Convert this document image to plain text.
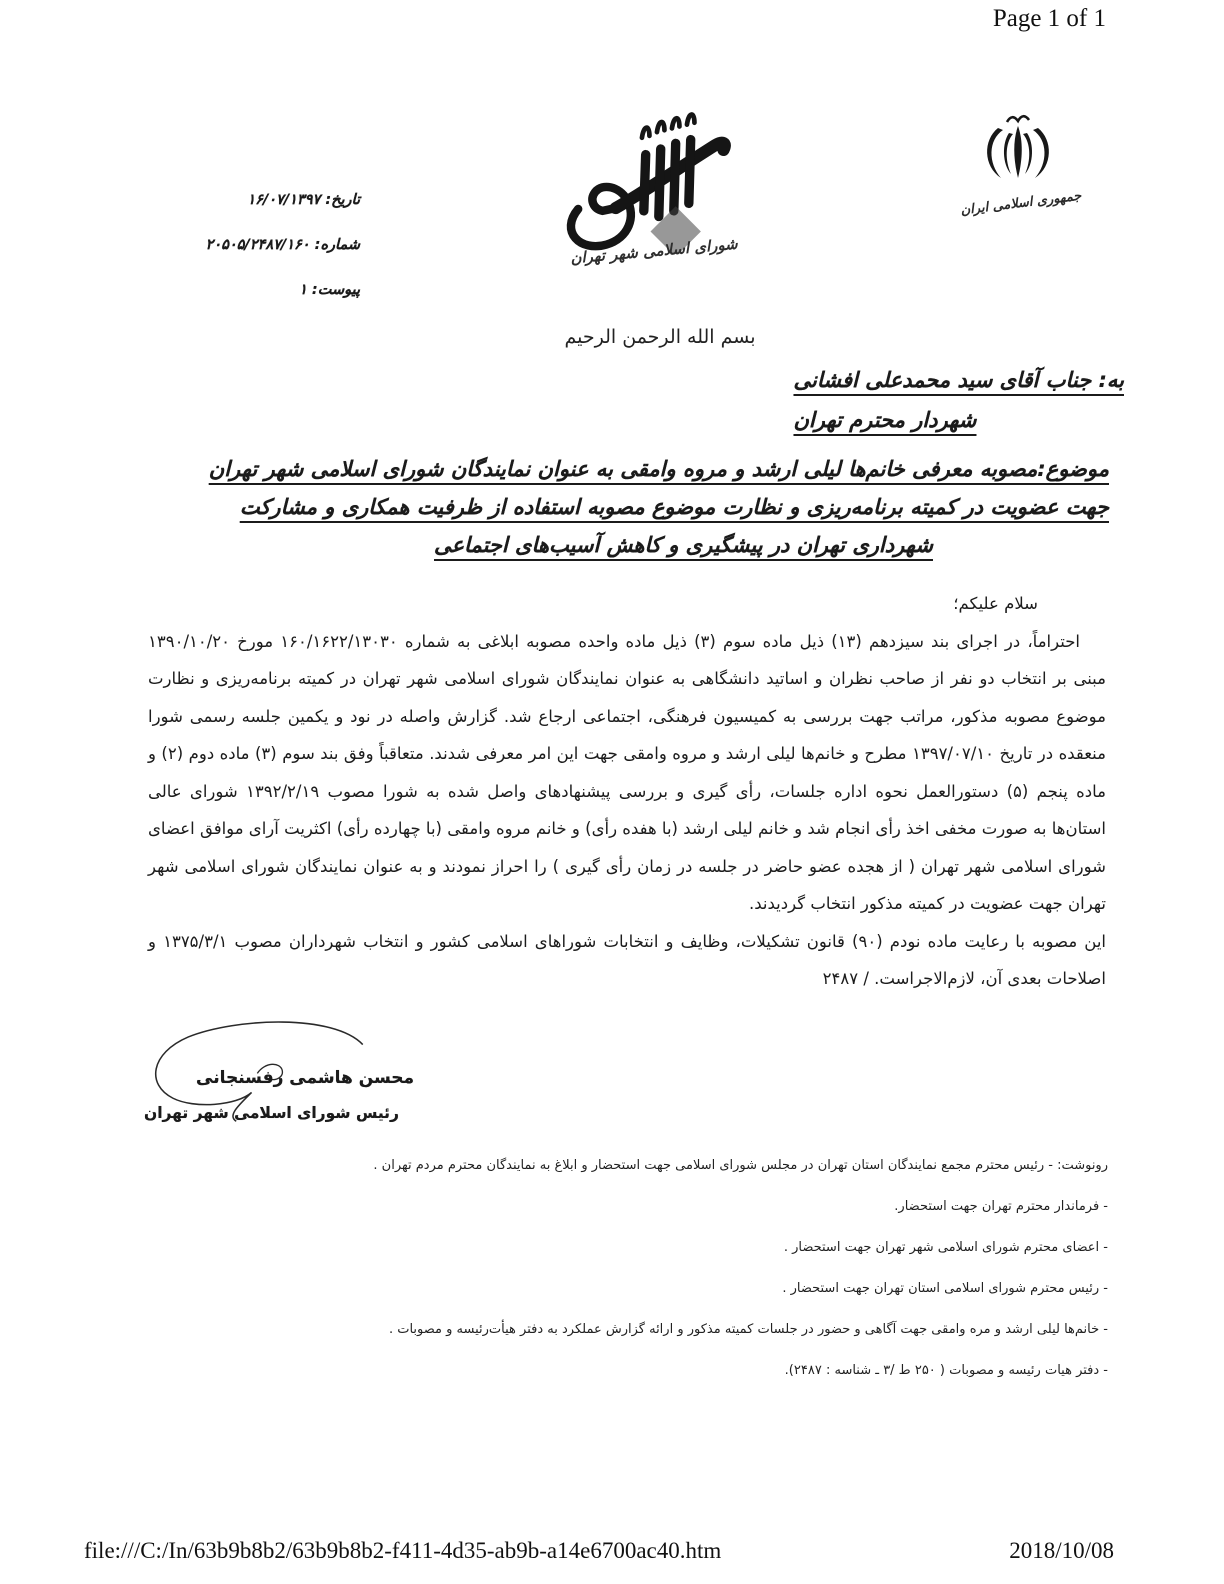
Page 1 of 1
تاریخ: ۱۶/۰۷/۱۳۹۷
شماره: ۲۰۵۰۵/۲۴۸۷/۱۶۰
پیوست: ۱
شورای اسلامی شهر تهران
جمهوری اسلامی ایران
بسم الله الرحمن الرحیم
به: جناب آقای سید محمدعلی افشانی
شهردار محترم تهران
موضوع:مصوبه معرفی خانم‌ها لیلی ارشد و مروه وامقی به عنوان نمایندگان شورای اسلامی شهر تهران
جهت عضویت در کمیته برنامه‌ریزی و نظارت موضوع مصوبه استفاده از ظرفیت همکاری و مشارکت
شهرداری تهران در پیشگیری و کاهش آسیب‌های اجتماعی
سلام علیکم؛

احتراماً، در اجرای بند سیزدهم (۱۳) ذیل ماده سوم (۳) ذیل ماده واحده مصوبه ابلاغی به شماره ۱۶۰/۱۶۲۲/۱۳۰۳۰ مورخ ۱۳۹۰/۱۰/۲۰ مبنی بر انتخاب دو نفر از صاحب نظران و اساتید دانشگاهی به عنوان نمایندگان شورای اسلامی شهر تهران در کمیته برنامه‌ریزی و نظارت موضوع مصوبه مذکور، مراتب جهت بررسی به کمیسیون فرهنگی، اجتماعی ارجاع شد. گزارش واصله در نود و یکمین جلسه رسمی شورا منعقده در تاریخ ۱۳۹۷/۰۷/۱۰ مطرح و خانم‌ها لیلی ارشد و مروه وامقی جهت این امر معرفی شدند. متعاقباً وفق بند سوم (۳) ماده دوم (۲) و ماده پنجم (۵) دستورالعمل نحوه اداره جلسات، رأی گیری و بررسی پیشنهادهای واصل شده به شورا مصوب ۱۳۹۲/۲/۱۹ شورای عالی استان‌ها به صورت مخفی اخذ رأی انجام شد و خانم لیلی ارشد (با هفده رأی) و خانم مروه وامقی (با چهارده رأی) اکثریت آرای موافق اعضای شورای اسلامی شهر تهران ( از هجده عضو حاضر در جلسه در زمان رأی گیری ) را احراز نمودند و به عنوان نمایندگان شورای اسلامی شهر تهران جهت عضویت در کمیته مذکور انتخاب گردیدند.

این مصوبه با رعایت ماده نودم (۹۰) قانون تشکیلات، وظایف و انتخابات شوراهای اسلامی کشور و انتخاب شهرداران مصوب ۱۳۷۵/۳/۱ و اصلاحات بعدی آن، لازم‌الاجراست. / ۲۴۸۷

محسن هاشمی رفسنجانی
رئیس شورای اسلامی شهر تهران
رونوشت: - رئیس محترم مجمع نمایندگان استان تهران در مجلس شورای اسلامی جهت استحضار و ابلاغ به نمایندگان محترم مردم تهران .
- فرماندار محترم تهران جهت استحضار.
- اعضای محترم شورای اسلامی شهر تهران جهت استحضار .
- رئیس محترم شورای اسلامی استان تهران جهت استحضار .
- خانم‌ها لیلی ارشد و مره وامقی جهت آگاهی و حضور در جلسات کمیته مذکور و ارائه گزارش عملکرد به دفتر هیأت‌رئیسه و مصوبات .
- دفتر هیات رئیسه و مصوبات ( ۲۵۰ ط /۳ ـ شناسه : ۲۴۸۷).
file:///C:/In/63b9b8b2/63b9b8b2-f411-4d35-ab9b-a14e6700ac40.htm	2018/10/08
